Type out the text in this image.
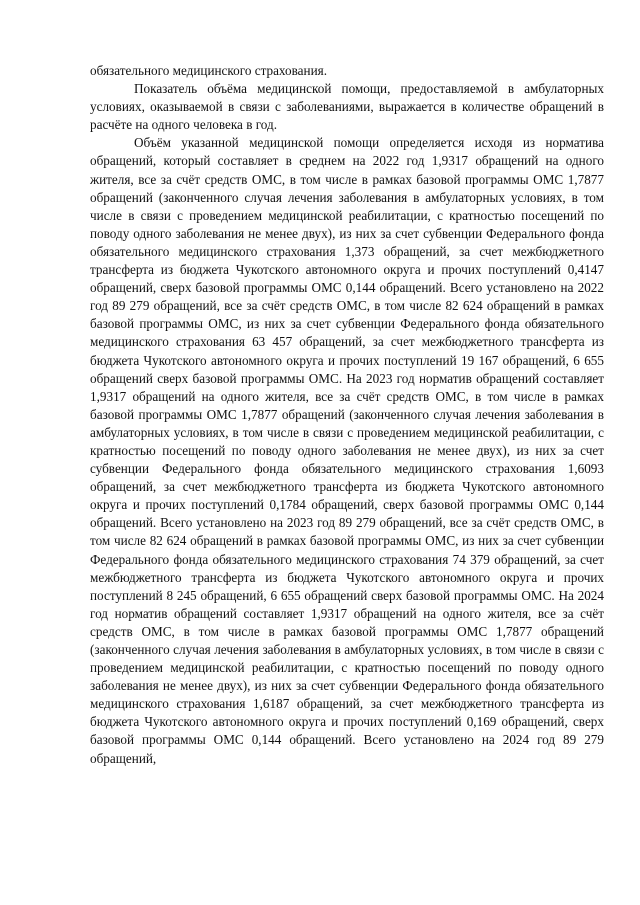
обязательного медицинского страхования.

Показатель объёма медицинской помощи, предоставляемой в амбулаторных условиях, оказываемой в связи с заболеваниями, выражается в количестве обращений в расчёте на одного человека в год.

Объём указанной медицинской помощи определяется исходя из норматива обращений, который составляет в среднем на 2022 год 1,9317 обращений на одного жителя, все за счёт средств ОМС, в том числе в рамках базовой программы ОМС 1,7877 обращений (законченного случая лечения заболевания в амбулаторных условиях, в том числе в связи с проведением медицинской реабилитации, с кратностью посещений по поводу одного заболевания не менее двух), из них за счет субвенции Федерального фонда обязательного медицинского страхования 1,373 обращений, за счет межбюджетного трансферта из бюджета Чукотского автономного округа и прочих поступлений 0,4147 обращений, сверх базовой программы ОМС 0,144 обращений. Всего установлено на 2022 год 89 279 обращений, все за счёт средств ОМС, в том числе 82 624 обращений в рамках базовой программы ОМС, из них за счет субвенции Федерального фонда обязательного медицинского страхования 63 457 обращений, за счет межбюджетного трансферта из бюджета Чукотского автономного округа и прочих поступлений 19 167 обращений, 6 655 обращений сверх базовой программы ОМС. На 2023 год норматив обращений составляет 1,9317 обращений на одного жителя, все за счёт средств ОМС, в том числе в рамках базовой программы ОМС 1,7877 обращений (законченного случая лечения заболевания в амбулаторных условиях, в том числе в связи с проведением медицинской реабилитации, с кратностью посещений по поводу одного заболевания не менее двух), из них за счет субвенции Федерального фонда обязательного медицинского страхования 1,6093 обращений, за счет межбюджетного трансферта из бюджета Чукотского автономного округа и прочих поступлений 0,1784 обращений, сверх базовой программы ОМС 0,144 обращений. Всего установлено на 2023 год 89 279 обращений, все за счёт средств ОМС, в том числе 82 624 обращений в рамках базовой программы ОМС, из них за счет субвенции Федерального фонда обязательного медицинского страхования 74 379 обращений, за счет межбюджетного трансферта из бюджета Чукотского автономного округа и прочих поступлений 8 245 обращений, 6 655 обращений сверх базовой программы ОМС. На 2024 год норматив обращений составляет 1,9317 обращений на одного жителя, все за счёт средств ОМС, в том числе в рамках базовой программы ОМС 1,7877 обращений (законченного случая лечения заболевания в амбулаторных условиях, в том числе в связи с проведением медицинской реабилитации, с кратностью посещений по поводу одного заболевания не менее двух), из них за счет субвенции Федерального фонда обязательного медицинского страхования 1,6187 обращений, за счет межбюджетного трансферта из бюджета Чукотского автономного округа и прочих поступлений 0,169 обращений, сверх базовой программы ОМС 0,144 обращений. Всего установлено на 2024 год 89 279 обращений,
